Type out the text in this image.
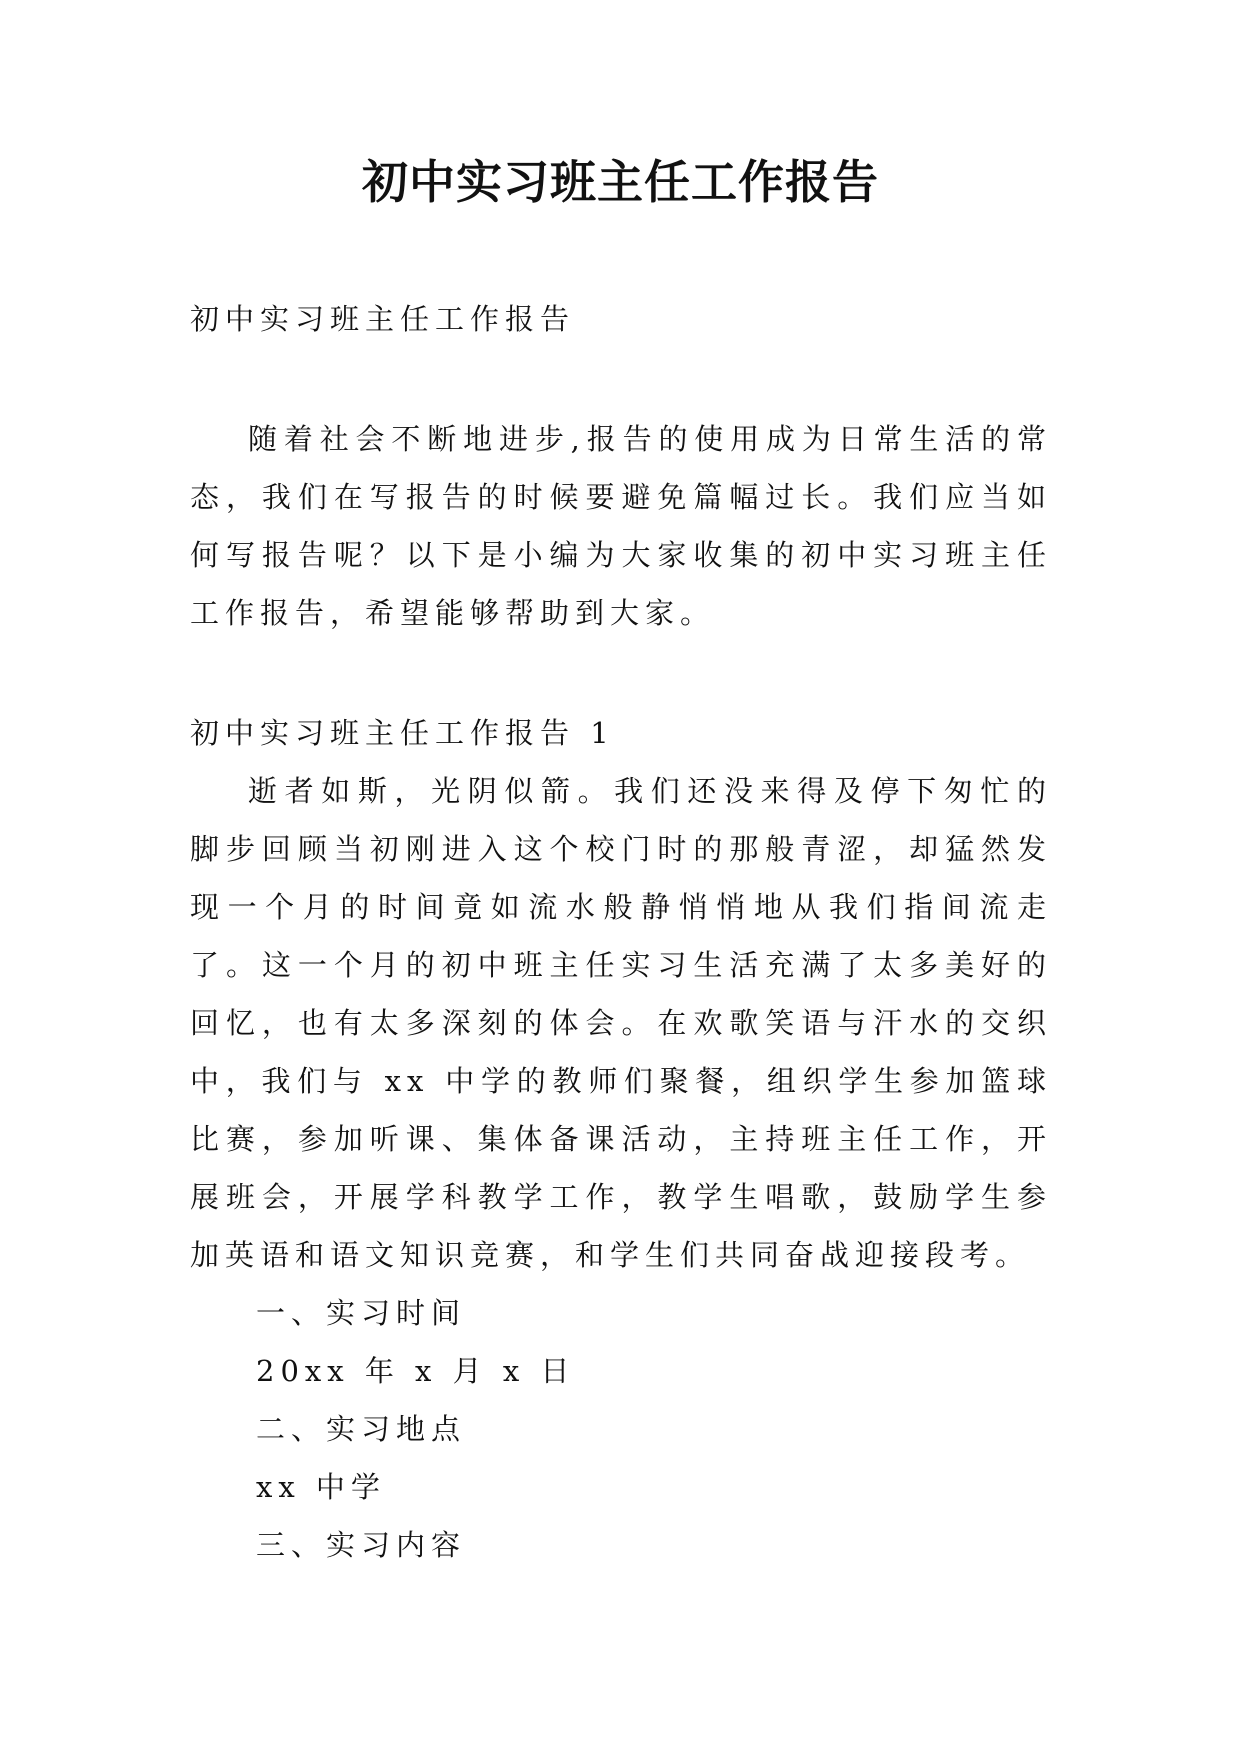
初中实习班主任工作报告

初中实习班主任工作报告

随着社会不断地进步,报告的使用成为日常生活的常态，我们在写报告的时候要避免篇幅过长。我们应当如何写报告呢？以下是小编为大家收集的初中实习班主任工作报告，希望能够帮助到大家。

初中实习班主任工作报告 1

逝者如斯，光阴似箭。我们还没来得及停下匆忙的脚步回顾当初刚进入这个校门时的那般青涩，却猛然发现一个月的时间竟如流水般静悄悄地从我们指间流走了。这一个月的初中班主任实习生活充满了太多美好的回忆，也有太多深刻的体会。在欢歌笑语与汗水的交织中，我们与 xx 中学的教师们聚餐，组织学生参加篮球比赛，参加听课、集体备课活动，主持班主任工作，开展班会，开展学科教学工作，教学生唱歌，鼓励学生参加英语和语文知识竞赛，和学生们共同奋战迎接段考。

一、实习时间

20xx 年 x 月 x 日

二、实习地点

xx 中学

三、实习内容
